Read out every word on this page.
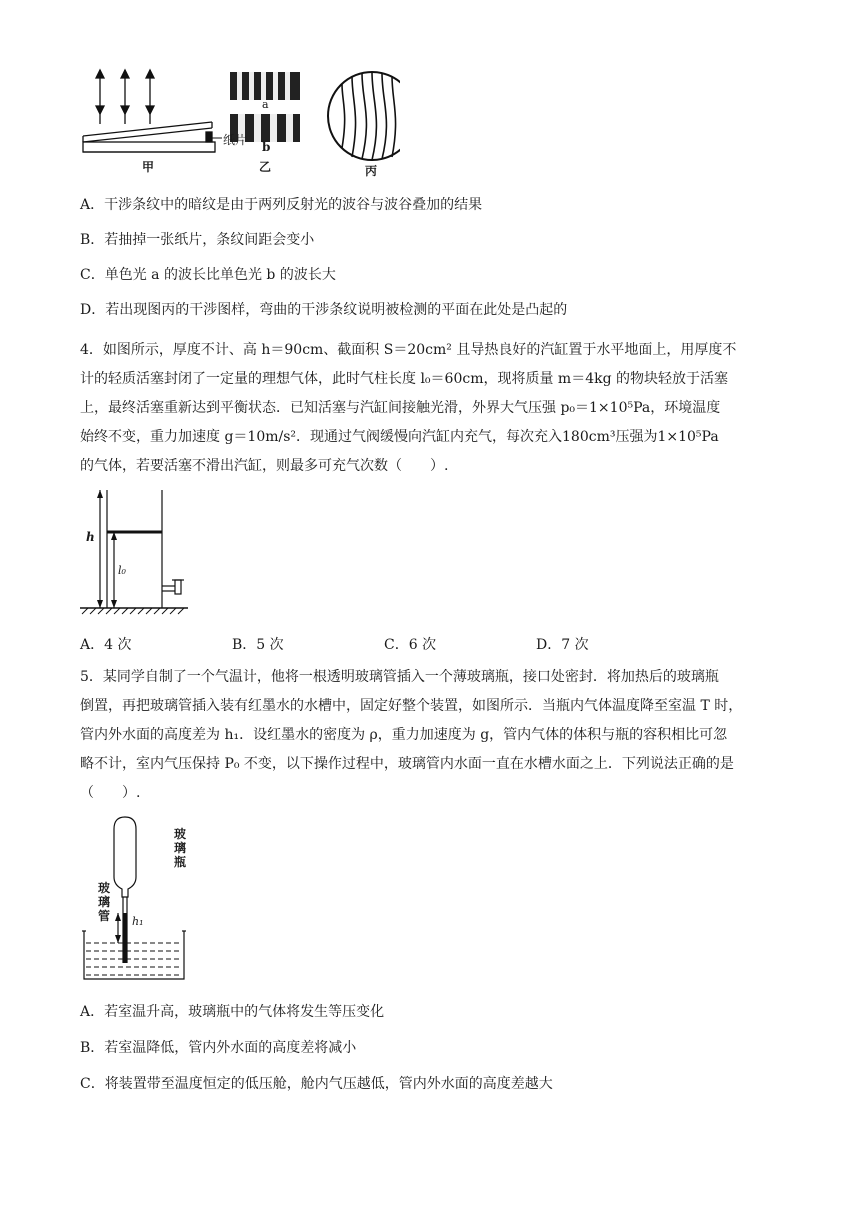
纸片
a
b
甲	乙	丙
A．干涉条纹中的暗纹是由于两列反射光的波谷与波谷叠加的结果
B．若抽掉一张纸片，条纹间距会变小
C．单色光 a 的波长比单色光 b 的波长大
D．若出现图丙的干涉图样，弯曲的干涉条纹说明被检测的平面在此处是凸起的
4．如图所示，厚度不计、高 h＝90cm、截面积 S＝20cm² 且导热良好的汽缸置于水平地面上，用厚度不
计的轻质活塞封闭了一定量的理想气体，此时气柱长度 l₀＝60cm，现将质量 m＝4kg 的物块轻放于活塞
上，最终活塞重新达到平衡状态．已知活塞与汽缸间接触光滑，外界大气压强 p₀＝1×10⁵Pa，环境温度
始终不变，重力加速度 g＝10m/s²．现通过气阀缓慢向汽缸内充气，每次充入180cm³压强为1×10⁵Pa
的气体，若要活塞不滑出汽缸，则最多可充气次数（　　）.
h
l₀
A．4 次	B．5 次	C．6 次	D．7 次
5．某同学自制了一个气温计，他将一根透明玻璃管插入一个薄玻璃瓶，接口处密封．将加热后的玻璃瓶
倒置，再把玻璃管插入装有红墨水的水槽中，固定好整个装置，如图所示．当瓶内气体温度降至室温 T 时，
管内外水面的高度差为 h₁．设红墨水的密度为 ρ，重力加速度为 g，管内气体的体积与瓶的容积相比可忽
略不计，室内气压保持 P₀ 不变，以下操作过程中，玻璃管内水面一直在水槽水面之上．下列说法正确的是
（　　）.
玻
璃
瓶
玻
璃
管 h₁
A．若室温升高，玻璃瓶中的气体将发生等压变化
B．若室温降低，管内外水面的高度差将减小
C．将装置带至温度恒定的低压舱，舱内气压越低，管内外水面的高度差越大
